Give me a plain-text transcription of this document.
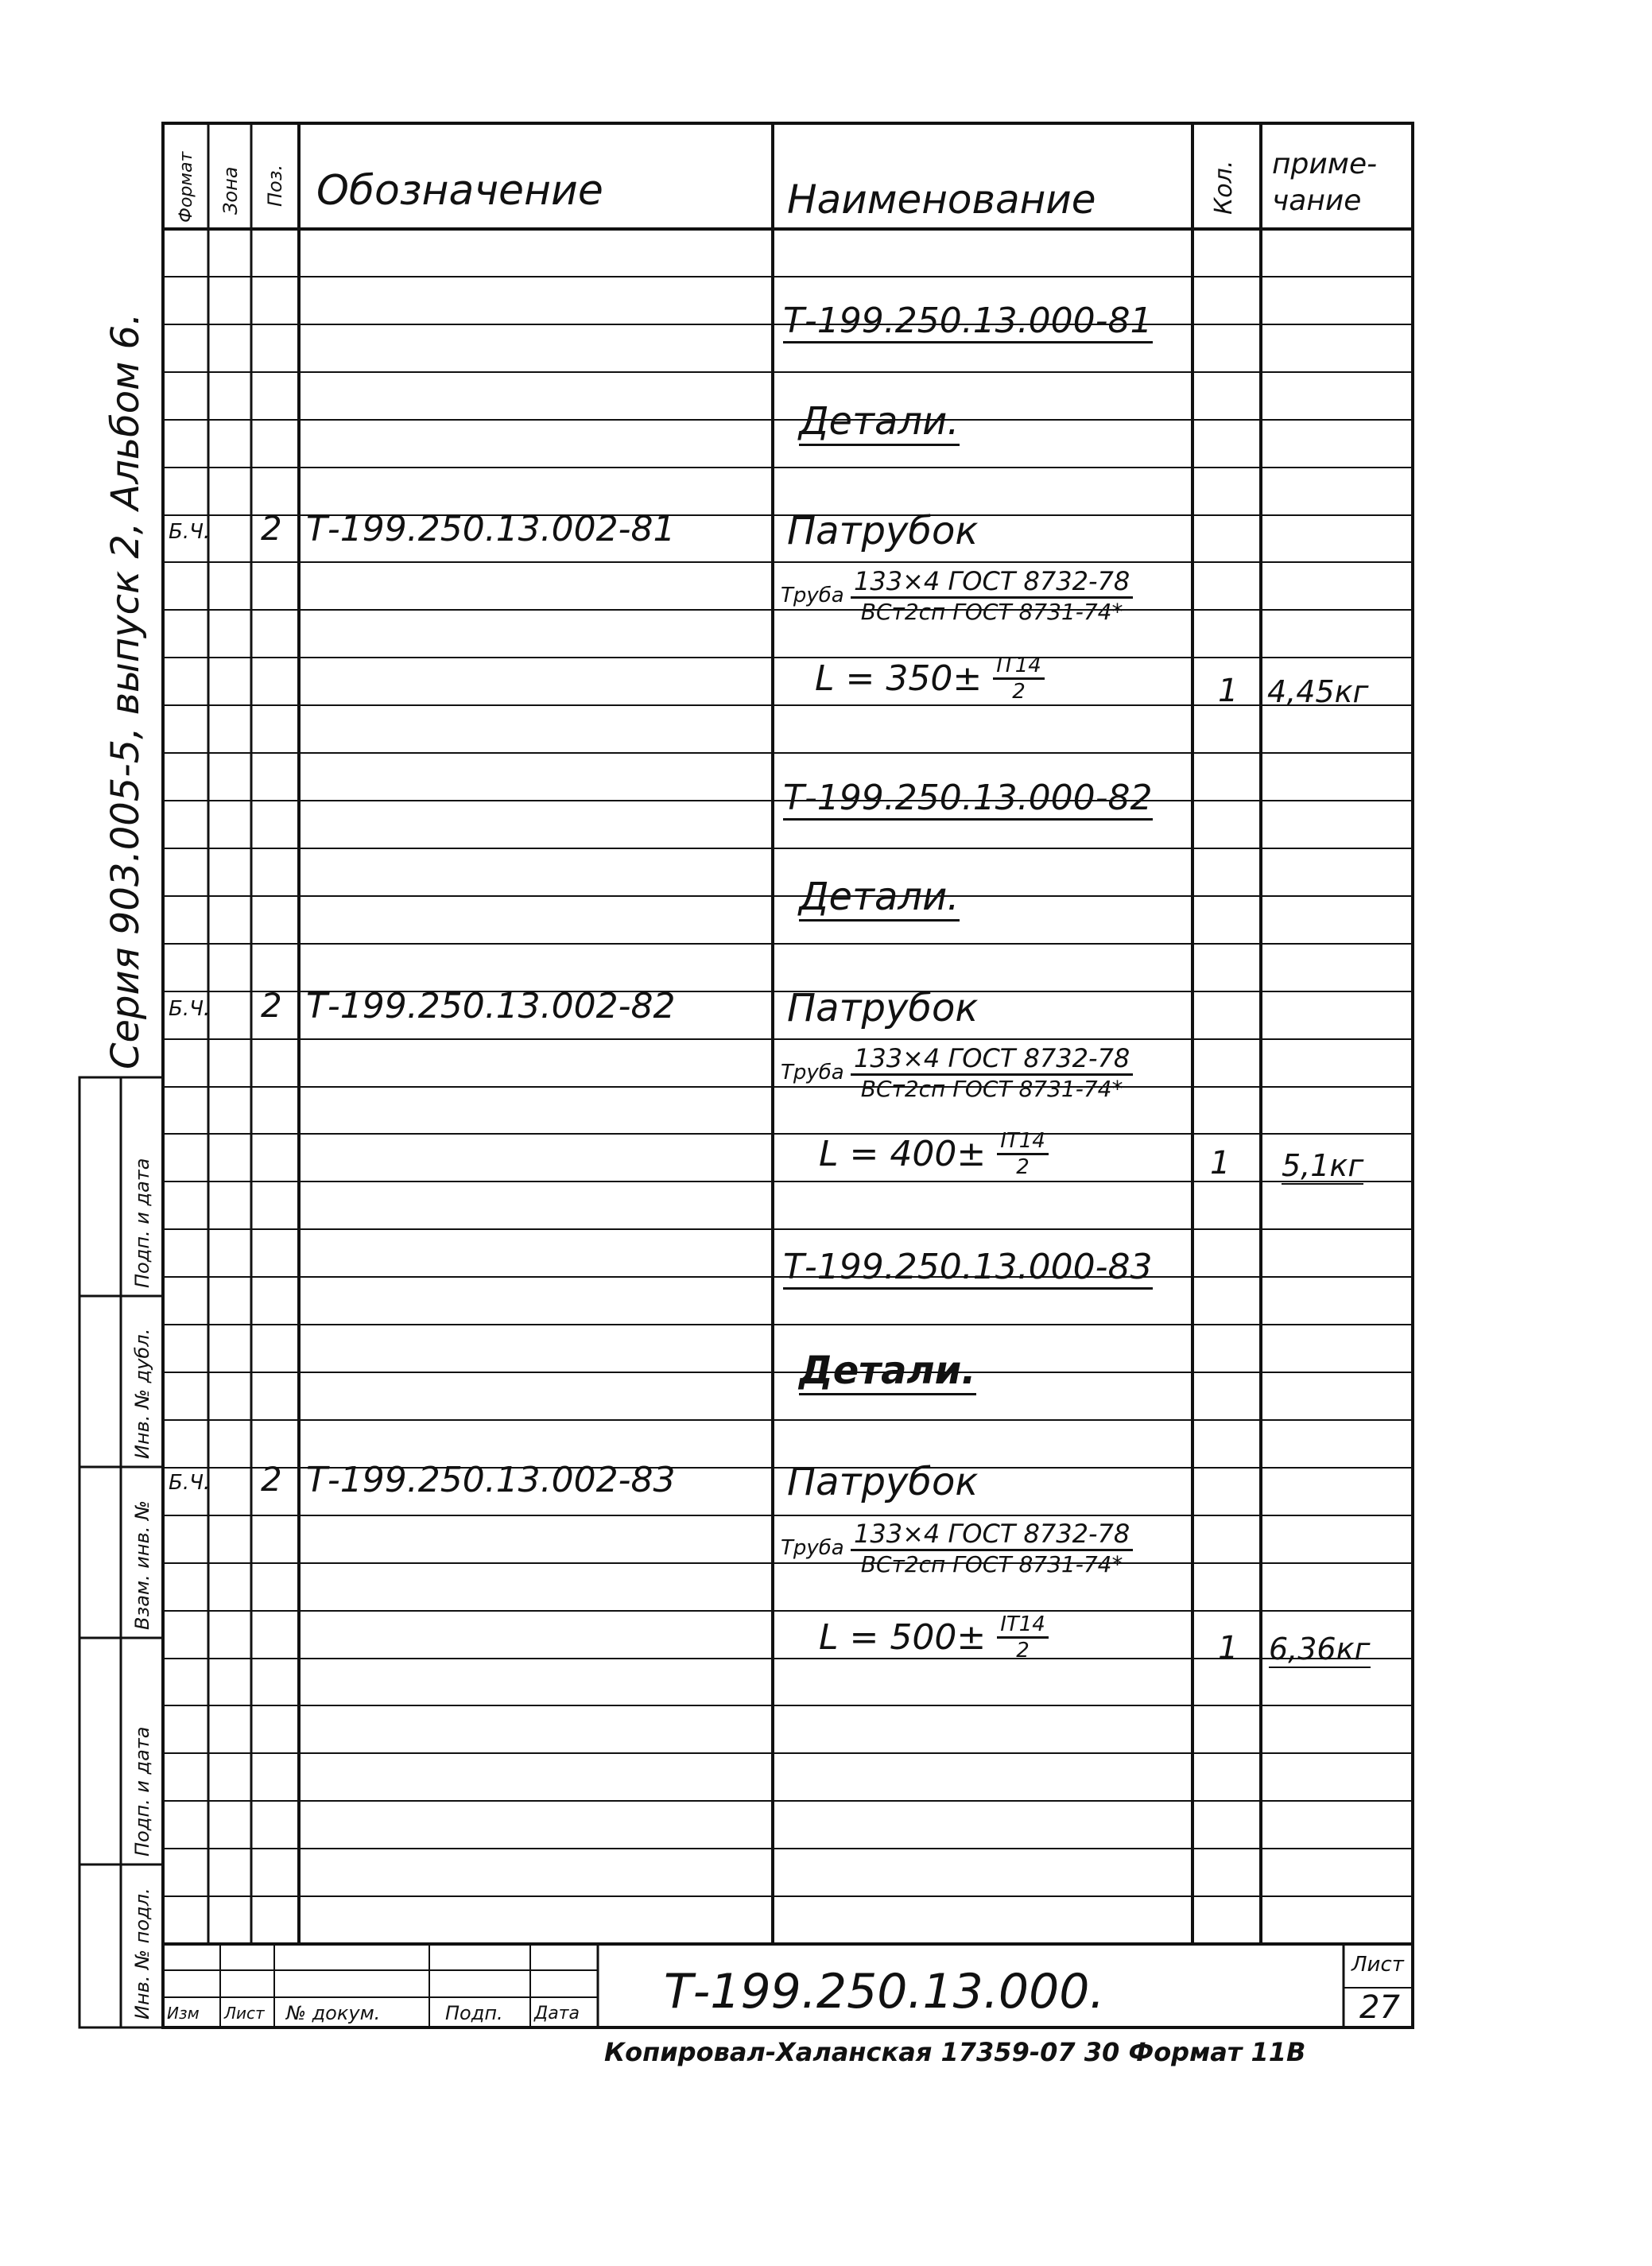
Серия 903.005-5, выпуск 2, Альбом 6.
Инв. № подл.
Подп. и дата
Взам. инв. №
Инв. № дубл.
Подп. и дата
Формат Зона Поз. Обозначение	Наименование	Кол. приме-
чание
Т-199.250.13.000-81
Детали.
Б.Ч. 2 Т-199.250.13.002-81	Патрубок
Труба $\frac{\text{133×4 ГОСТ 8732-78}}{\text{ВСт2сп ГОСТ 8731-74*}}$
$L = 350\pm \frac{IT14}{2}$	1 4,45кг
Т-199.250.13.000-82
Детали.
Б.Ч. 2 Т-199.250.13.002-82	Патрубок
Труба $\frac{\text{133×4 ГОСТ 8732-78}}{\text{ВСт2сп ГОСТ 8731-74*}}$
$L = 400\pm \frac{IT14}{2}$	1 5,1кг
Т-199.250.13.000-83
Детали.
Б.Ч. 2 Т-199.250.13.002-83	Патрубок
Труба $\frac{\text{133×4 ГОСТ 8732-78}}{\text{ВСт2сп ГОСТ 8731-74*}}$
$L = 500\pm \frac{IT14}{2}$	1 6,36кг
Изм Лист № докум.	Подп. Дата Т-199.250.13.000.	Лист
27
Копировал-Халанская 17359-07 30 Формат 11В
